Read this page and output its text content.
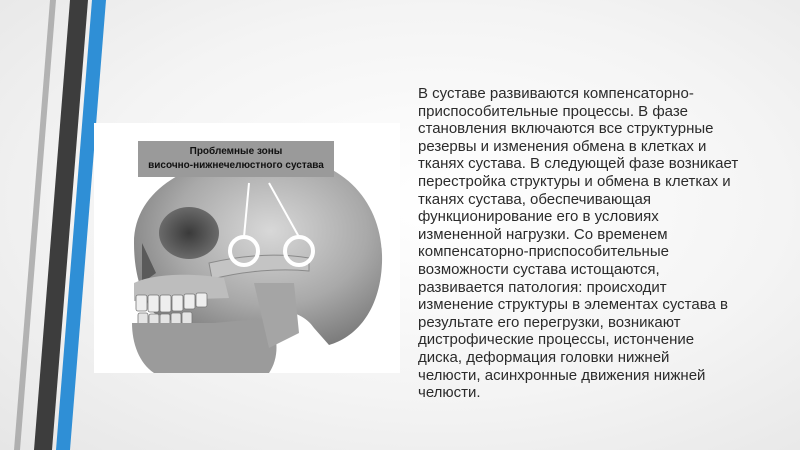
Проблемные зоны
височно-нижнечелюстного сустава
В суставе развиваются компенсаторно-
приспособительные процессы. В фазе
становления включаются все структурные
резервы и изменения обмена в клетках и
тканях сустава. В следующей фазе возникает
перестройка структуры и обмена в клетках и
тканях сустава, обеспечивающая
функционирование его в условиях
измененной нагрузки. Со временем
компенсаторно-приспособительные
возможности сустава истощаются,
развивается патология: происходит
изменение структуры в элементах сустава в
результате его перегрузки, возникают
дистрофические процессы, истончение
диска, деформация головки нижней
челюсти, асинхронные движения нижней
челюсти.
